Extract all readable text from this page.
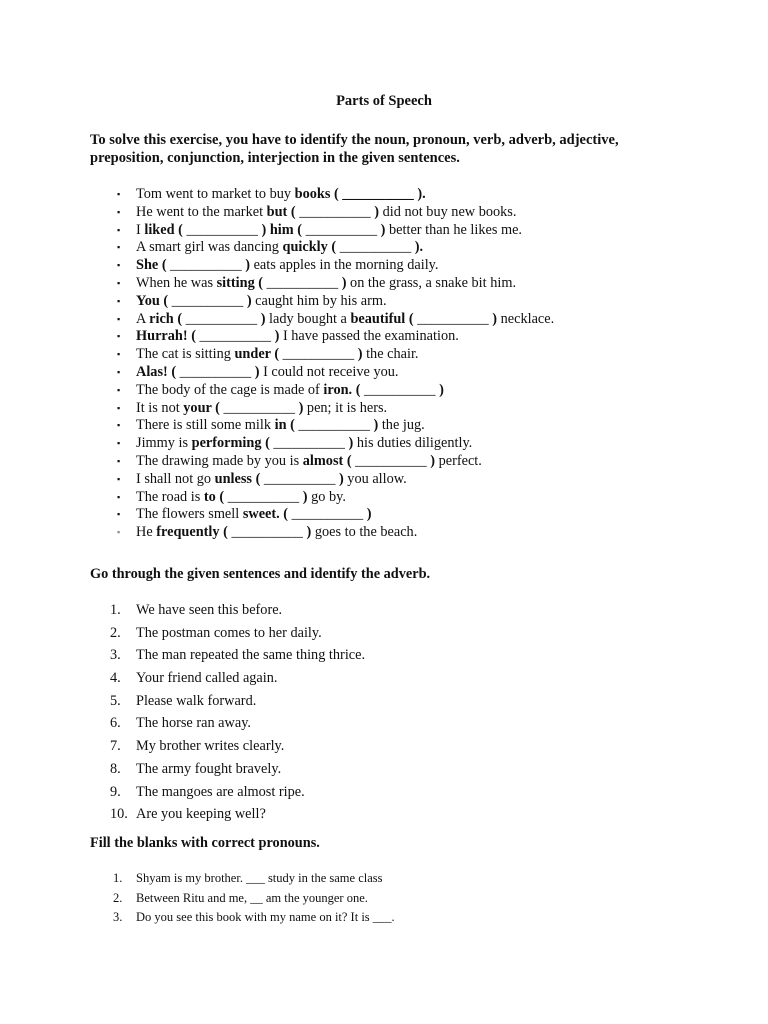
Parts of Speech
To solve this exercise, you have to identify the noun, pronoun, verb, adverb, adjective, preposition, conjunction, interjection in the given sentences.
▪ Tom went to market to buy books ( __________ ).
▪ He went to the market but ( __________ ) did not buy new books.
▪ I liked ( __________ ) him ( __________ ) better than he likes me.
▪ A smart girl was dancing quickly ( __________ ).
▪ She ( __________ ) eats apples in the morning daily.
▪ When he was sitting ( __________ ) on the grass, a snake bit him.
▪ You ( __________ ) caught him by his arm.
▪ A rich ( __________ ) lady bought a beautiful ( __________ ) necklace.
▪ Hurrah! ( __________ ) I have passed the examination.
▪ The cat is sitting under ( __________ ) the chair.
▪ Alas! ( __________ ) I could not receive you.
▪ The body of the cage is made of iron. ( __________ )
▪ It is not your ( __________ ) pen; it is hers.
▪ There is still some milk in ( __________ ) the jug.
▪ Jimmy is performing ( __________ ) his duties diligently.
▪ The drawing made by you is almost ( __________ ) perfect.
▪ I shall not go unless ( __________ ) you allow.
▪ The road is to ( __________ ) go by.
▪ The flowers smell sweet. ( __________ )
▪ He frequently ( __________ ) goes to the beach.
Go through the given sentences and identify the adverb.
1. We have seen this before.
2. The postman comes to her daily.
3. The man repeated the same thing thrice.
4. Your friend called again.
5. Please walk forward.
6. The horse ran away.
7. My brother writes clearly.
8. The army fought bravely.
9. The mangoes are almost ripe.
10. Are you keeping well?
Fill the blanks with correct pronouns.
1. Shyam is my brother. ___ study in the same class
2. Between Ritu and me, __ am the younger one.
3. Do you see this book with my name on it? It is ___.
